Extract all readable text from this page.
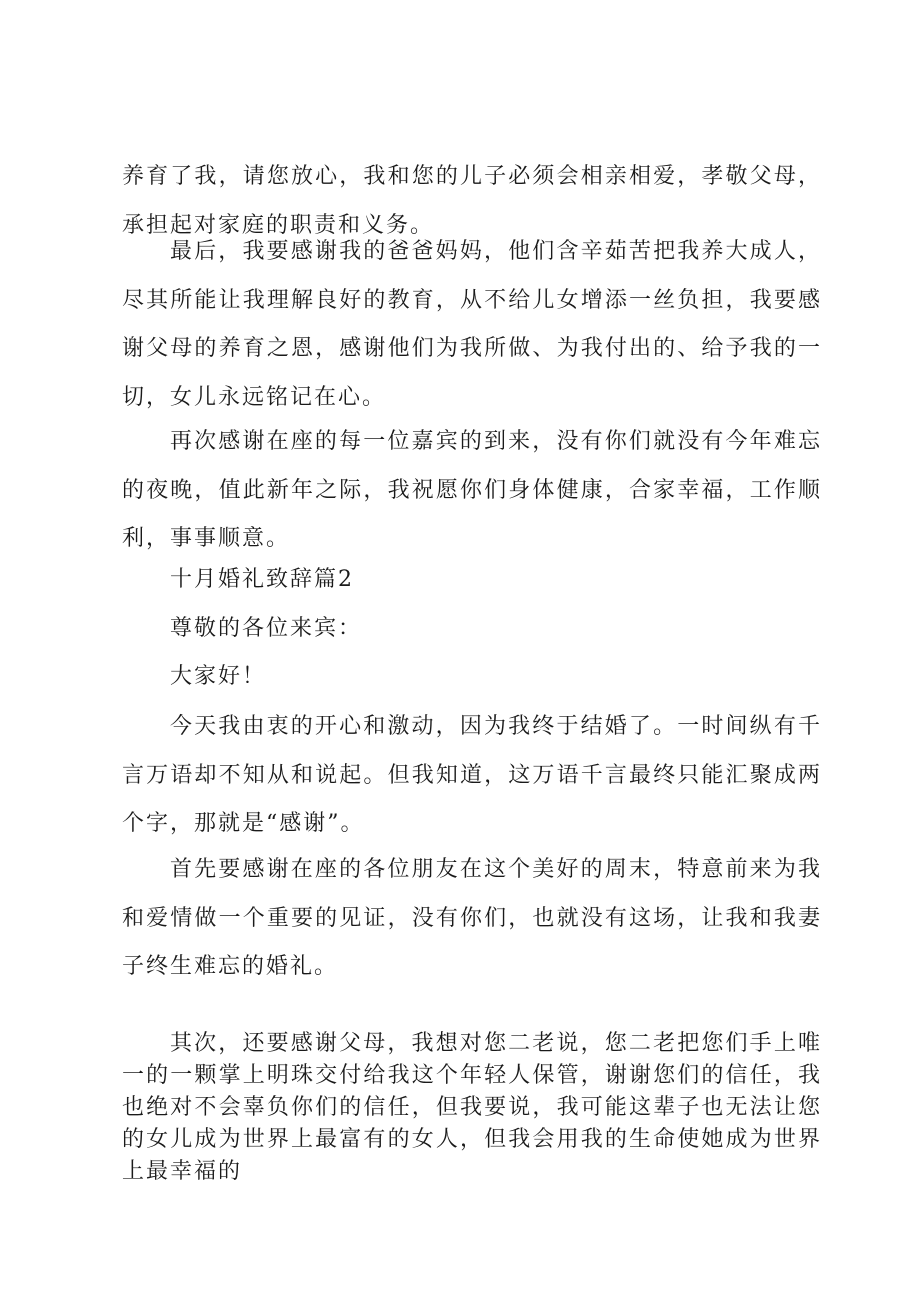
养育了我，请您放心，我和您的儿子必须会相亲相爱，孝敬父母，承担起对家庭的职责和义务。

最后，我要感谢我的爸爸妈妈，他们含辛茹苦把我养大成人，尽其所能让我理解良好的教育，从不给儿女增添一丝负担，我要感谢父母的养育之恩，感谢他们为我所做、为我付出的、给予我的一切，女儿永远铭记在心。

再次感谢在座的每一位嘉宾的到来，没有你们就没有今年难忘的夜晚，值此新年之际，我祝愿你们身体健康，合家幸福，工作顺利，事事顺意。

十月婚礼致辞篇2

尊敬的各位来宾：

大家好！

今天我由衷的开心和激动，因为我终于结婚了。一时间纵有千言万语却不知从和说起。但我知道，这万语千言最终只能汇聚成两个字，那就是“感谢”。

首先要感谢在座的各位朋友在这个美好的周末，特意前来为我和爱情做一个重要的见证，没有你们，也就没有这场，让我和我妻子终生难忘的婚礼。

其次，还要感谢父母，我想对您二老说，您二老把您们手上唯一的一颗掌上明珠交付给我这个年轻人保管，谢谢您们的信任，我也绝对不会辜负你们的信任，但我要说，我可能这辈子也无法让您的女儿成为世界上最富有的女人，但我会用我的生命使她成为世界上最幸福的
